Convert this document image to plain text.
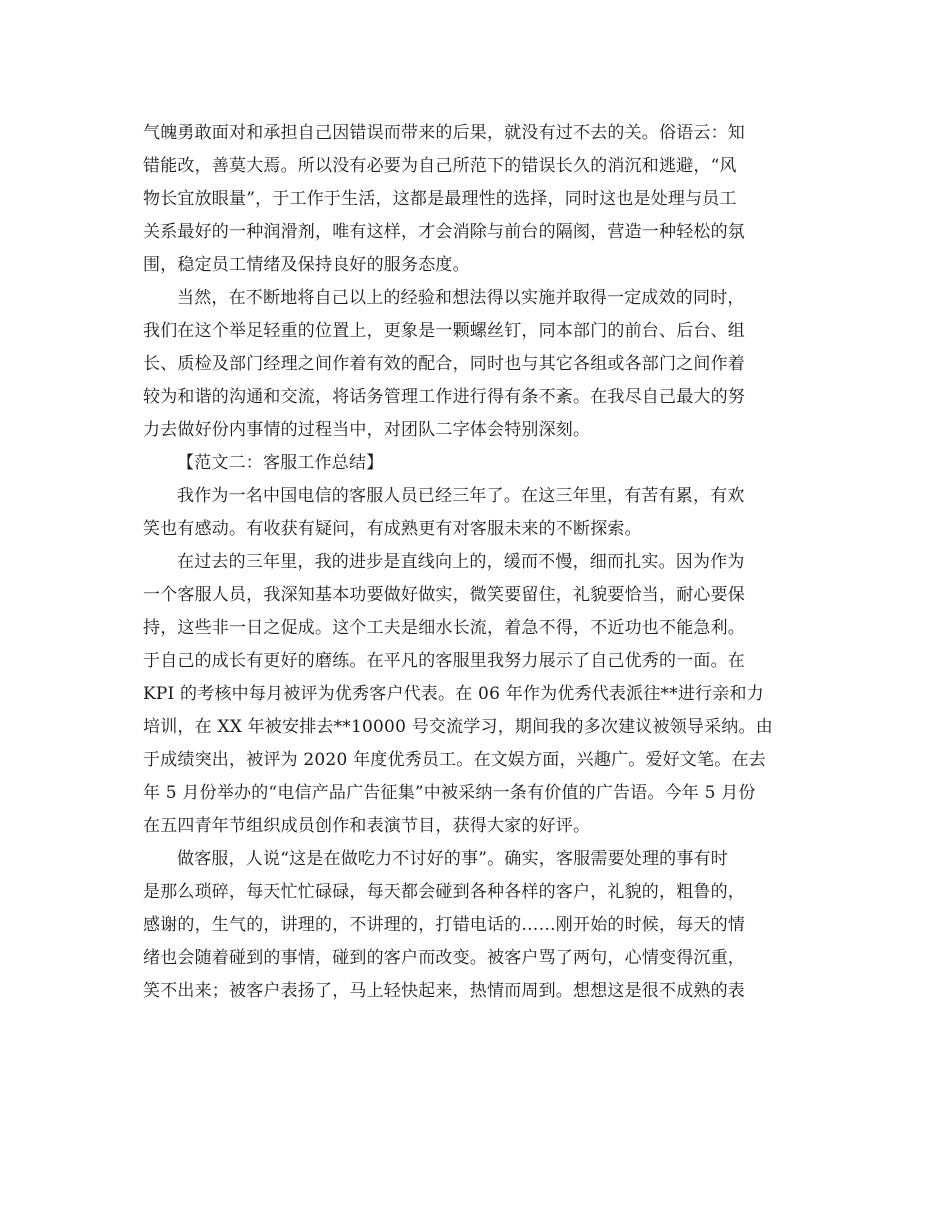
气魄勇敢面对和承担自己因错误而带来的后果，就没有过不去的关。俗语云：知
错能改，善莫大焉。所以没有必要为自己所范下的错误长久的消沉和逃避，“风
物长宜放眼量”，于工作于生活，这都是最理性的选择，同时这也是处理与员工
关系最好的一种润滑剂，唯有这样，才会消除与前台的隔阂，营造一种轻松的氛
围，稳定员工情绪及保持良好的服务态度。
当然，在不断地将自己以上的经验和想法得以实施并取得一定成效的同时，
我们在这个举足轻重的位置上，更象是一颗螺丝钉，同本部门的前台、后台、组
长、质检及部门经理之间作着有效的配合，同时也与其它各组或各部门之间作着
较为和谐的沟通和交流，将话务管理工作进行得有条不紊。在我尽自己最大的努
力去做好份内事情的过程当中，对团队二字体会特别深刻。
【范文二：客服工作总结】
我作为一名中国电信的客服人员已经三年了。在这三年里，有苦有累，有欢
笑也有感动。有收获有疑问，有成熟更有对客服未来的不断探索。
在过去的三年里，我的进步是直线向上的，缓而不慢，细而扎实。因为作为
一个客服人员，我深知基本功要做好做实，微笑要留住，礼貌要恰当，耐心要保
持，这些非一日之促成。这个工夫是细水长流，着急不得，不近功也不能急利。
于自己的成长有更好的磨练。在平凡的客服里我努力展示了自己优秀的一面。在
KPI 的考核中每月被评为优秀客户代表。在 06 年作为优秀代表派往**进行亲和力
培训，在 XX 年被安排去**10000 号交流学习，期间我的多次建议被领导采纳。由
于成绩突出，被评为 2020 年度优秀员工。在文娱方面，兴趣广。爱好文笔。在去
年 5 月份举办的“电信产品广告征集”中被采纳一条有价值的广告语。今年 5 月份
在五四青年节组织成员创作和表演节目，获得大家的好评。
做客服，人说“这是在做吃力不讨好的事”。确实，客服需要处理的事有时
是那么琐碎，每天忙忙碌碌，每天都会碰到各种各样的客户，礼貌的，粗鲁的，
感谢的，生气的，讲理的，不讲理的，打错电话的……刚开始的时候，每天的情
绪也会随着碰到的事情，碰到的客户而改变。被客户骂了两句，心情变得沉重，
笑不出来；被客户表扬了，马上轻快起来，热情而周到。想想这是很不成熟的表
